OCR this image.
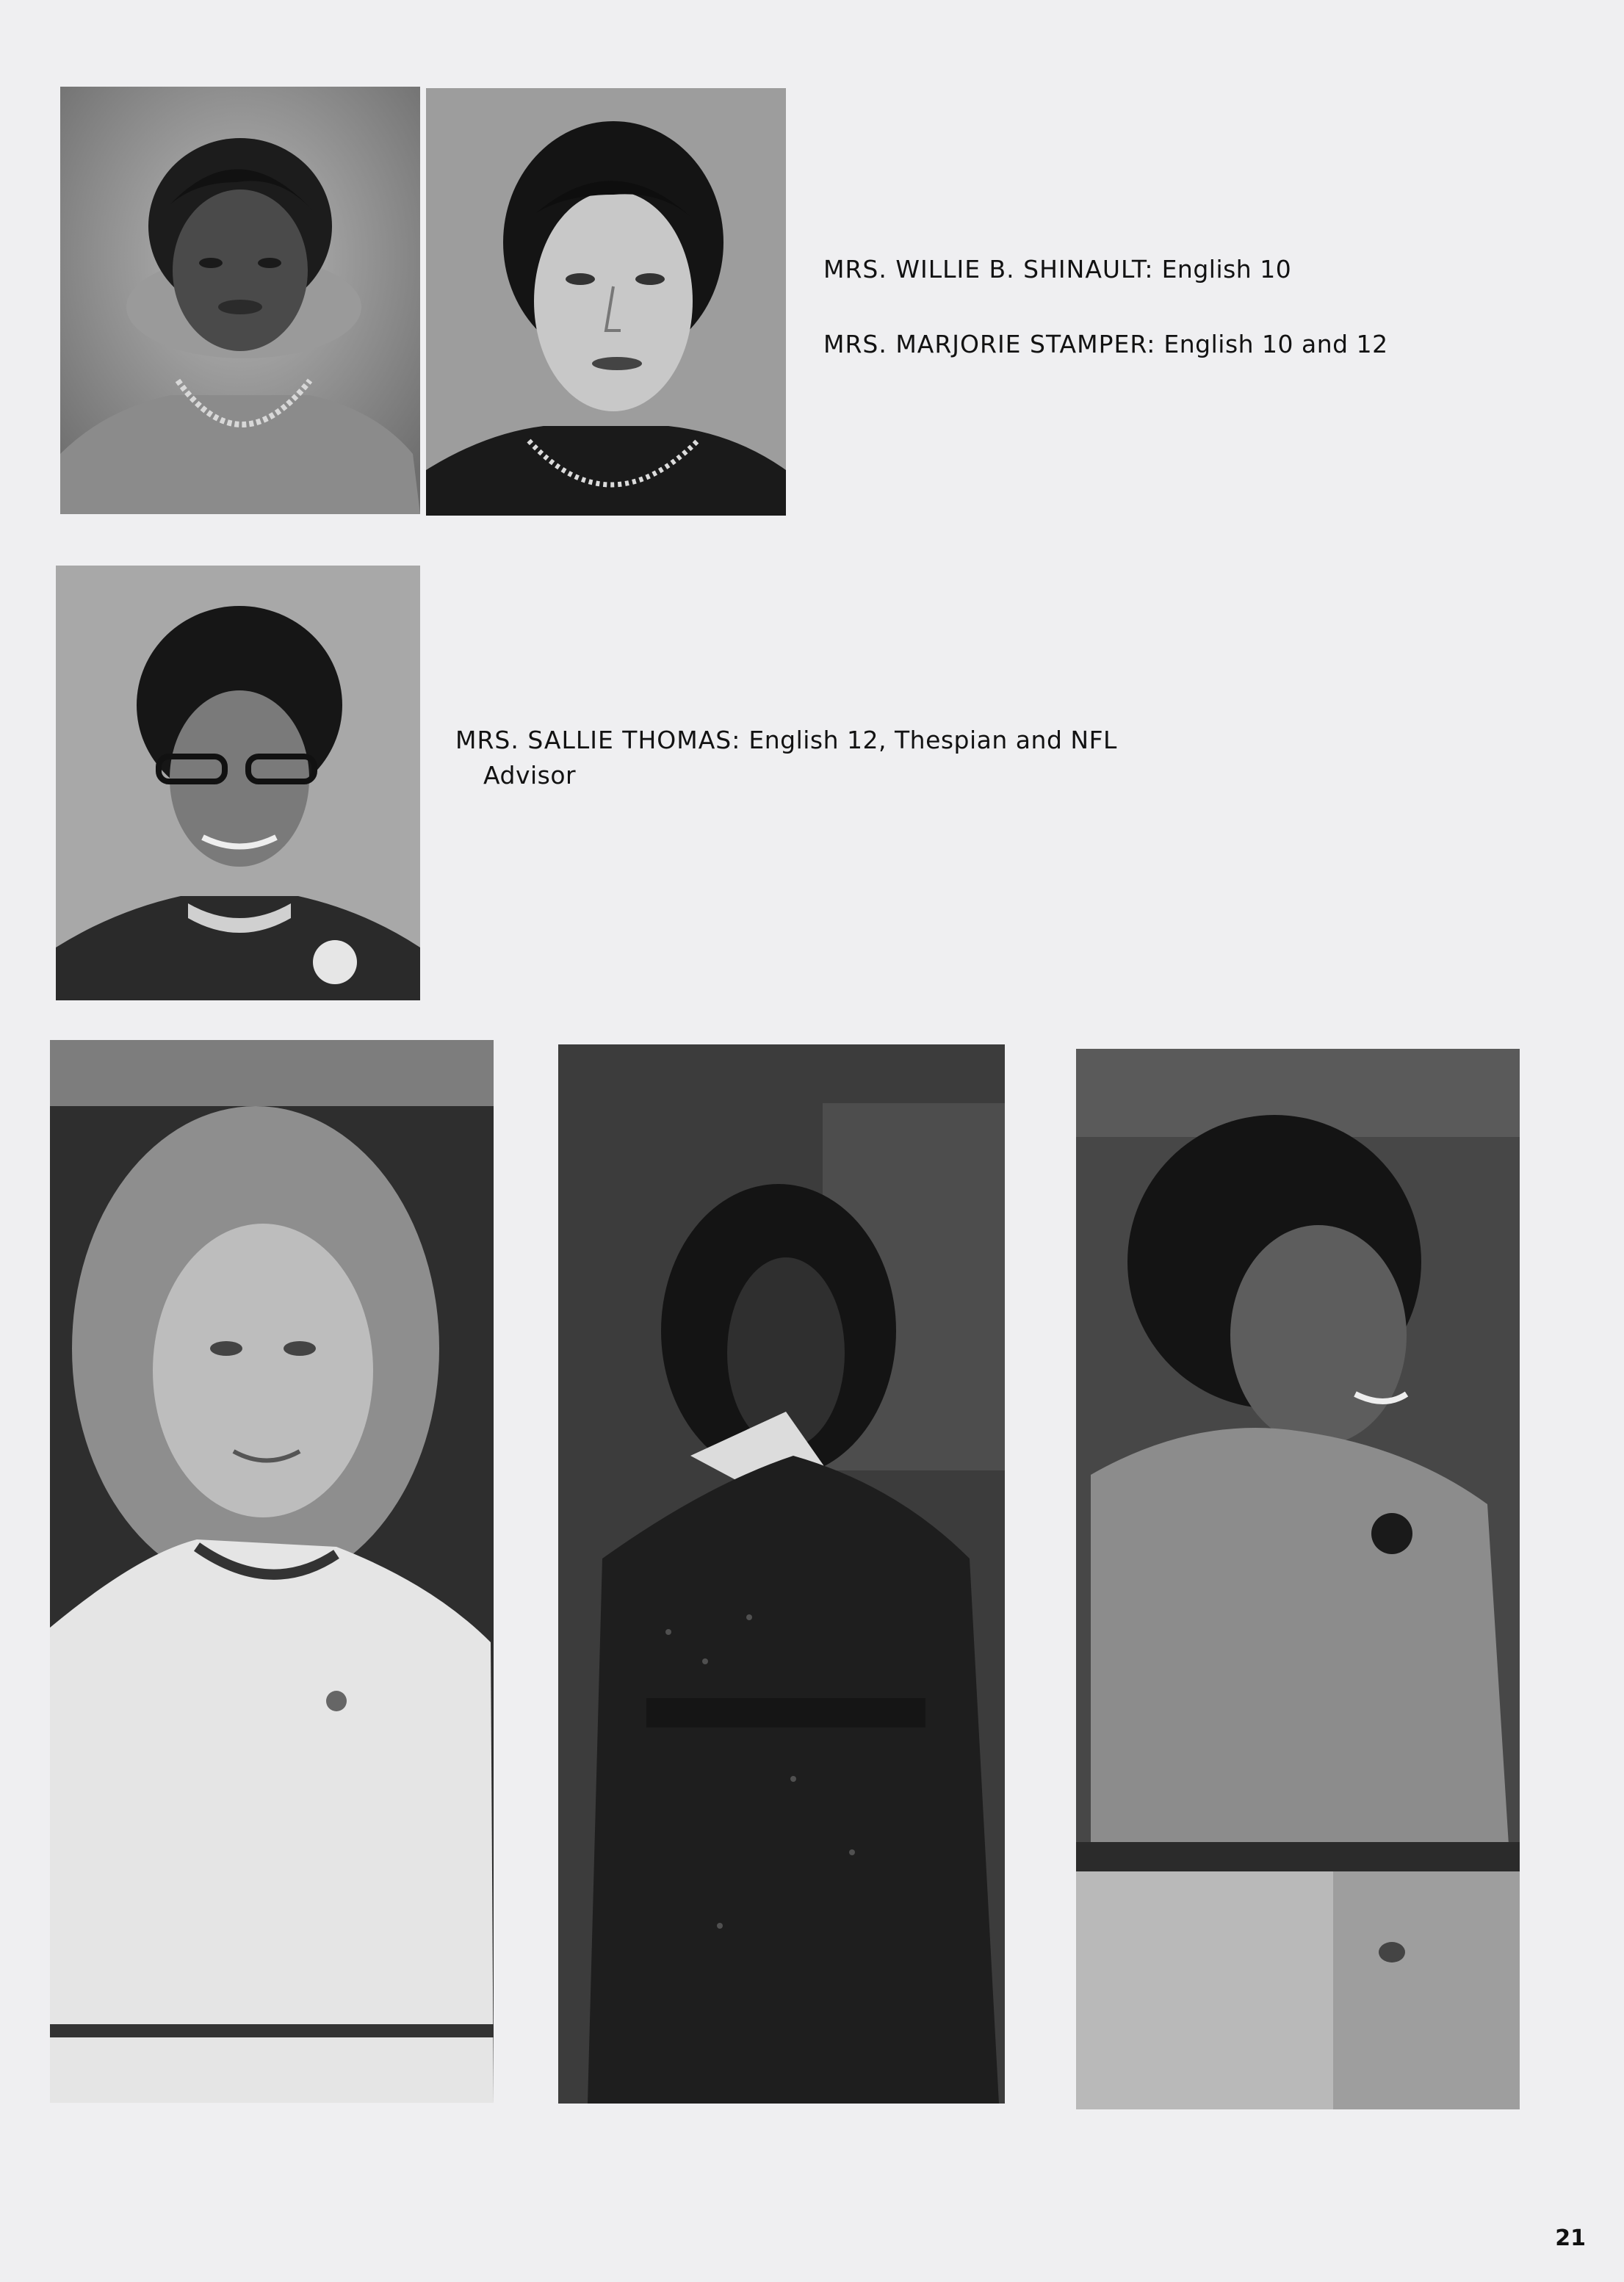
MRS. WILLIE B. SHINAULT: English 10
MRS. MARJORIE STAMPER: English 10 and 12
MRS. SALLIE THOMAS: English 12, Thespian and NFL
Advisor
21
